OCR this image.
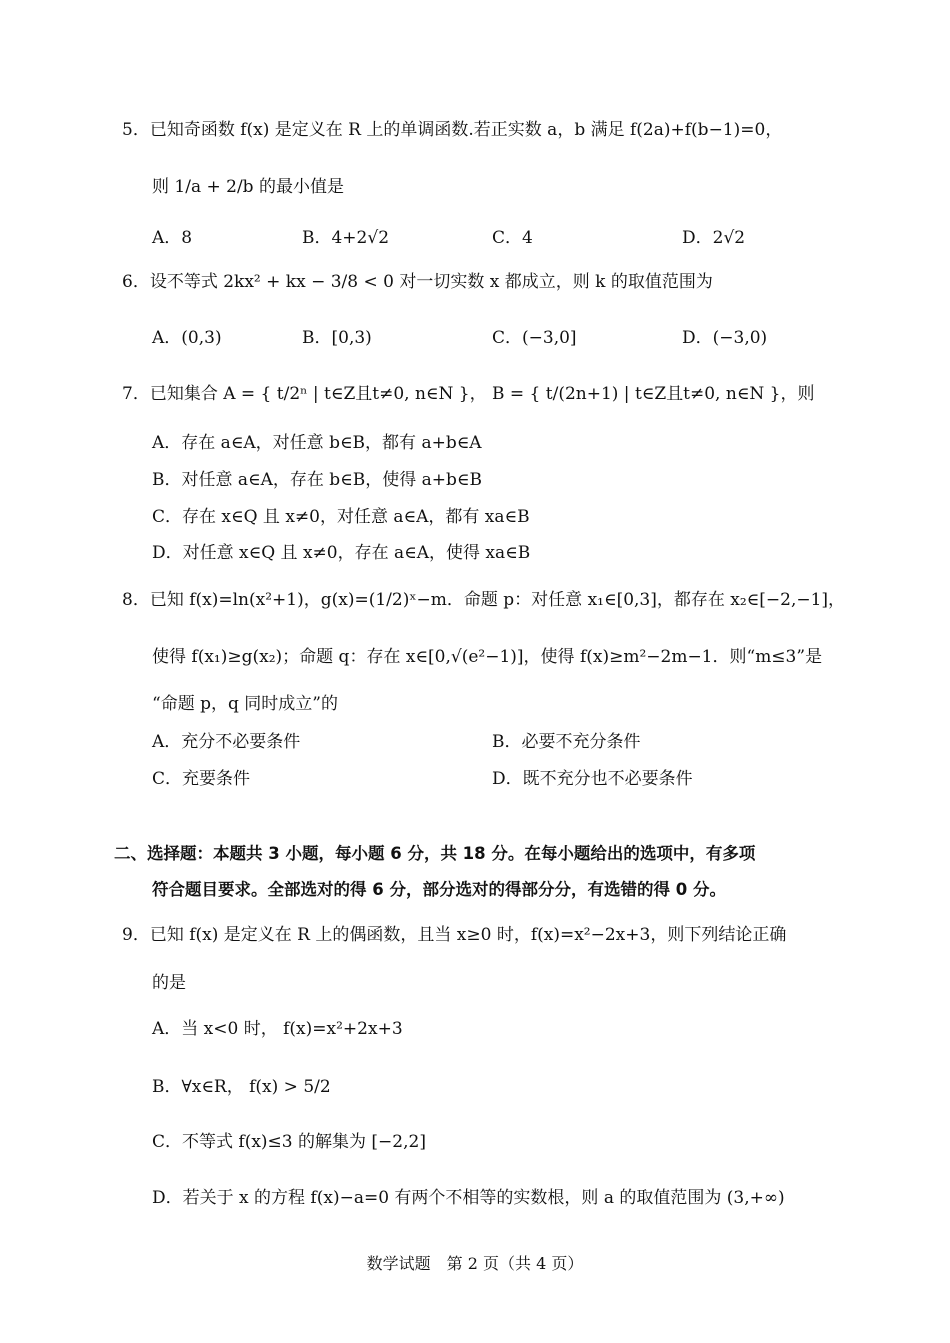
5．已知奇函数 f(x) 是定义在 R 上的单调函数.若正实数 a，b 满足 f(2a)+f(b−1)=0，
则 1/a + 2/b 的最小值是
A．8	B．4+2√2	C．4	D．2√2
6．设不等式 2kx² + kx − 3/8 < 0 对一切实数 x 都成立，则 k 的取值范围为
A．(0,3)	B．[0,3)	C．(−3,0]	D．(−3,0)
7．已知集合 A = { t/2ⁿ | t∈Z且t≠0, n∈N }， B = { t/(2n+1) | t∈Z且t≠0, n∈N }，则
A．存在 a∈A，对任意 b∈B，都有 a+b∈A
B．对任意 a∈A，存在 b∈B，使得 a+b∈B
C．存在 x∈Q 且 x≠0，对任意 a∈A，都有 xa∈B
D．对任意 x∈Q 且 x≠0，存在 a∈A，使得 xa∈B
8．已知 f(x)=ln(x²+1)，g(x)=(1/2)ˣ−m．命题 p：对任意 x₁∈[0,3]，都存在 x₂∈[−2,−1]，
使得 f(x₁)≥g(x₂)；命题 q：存在 x∈[0,√(e²−1)]，使得 f(x)≥m²−2m−1．则“m≤3”是
“命题 p，q 同时成立”的
A．充分不必要条件	B．必要不充分条件
C．充要条件	D．既不充分也不必要条件
二、选择题：本题共 3 小题，每小题 6 分，共 18 分。在每小题给出的选项中，有多项
符合题目要求。全部选对的得 6 分，部分选对的得部分分，有选错的得 0 分。
9．已知 f(x) 是定义在 R 上的偶函数，且当 x≥0 时，f(x)=x²−2x+3，则下列结论正确
的是
A．当 x<0 时， f(x)=x²+2x+3
B．∀x∈R， f(x) > 5/2
C．不等式 f(x)≤3 的解集为 [−2,2]
D．若关于 x 的方程 f(x)−a=0 有两个不相等的实数根，则 a 的取值范围为 (3,+∞)
数学试题　第 2 页（共 4 页）
